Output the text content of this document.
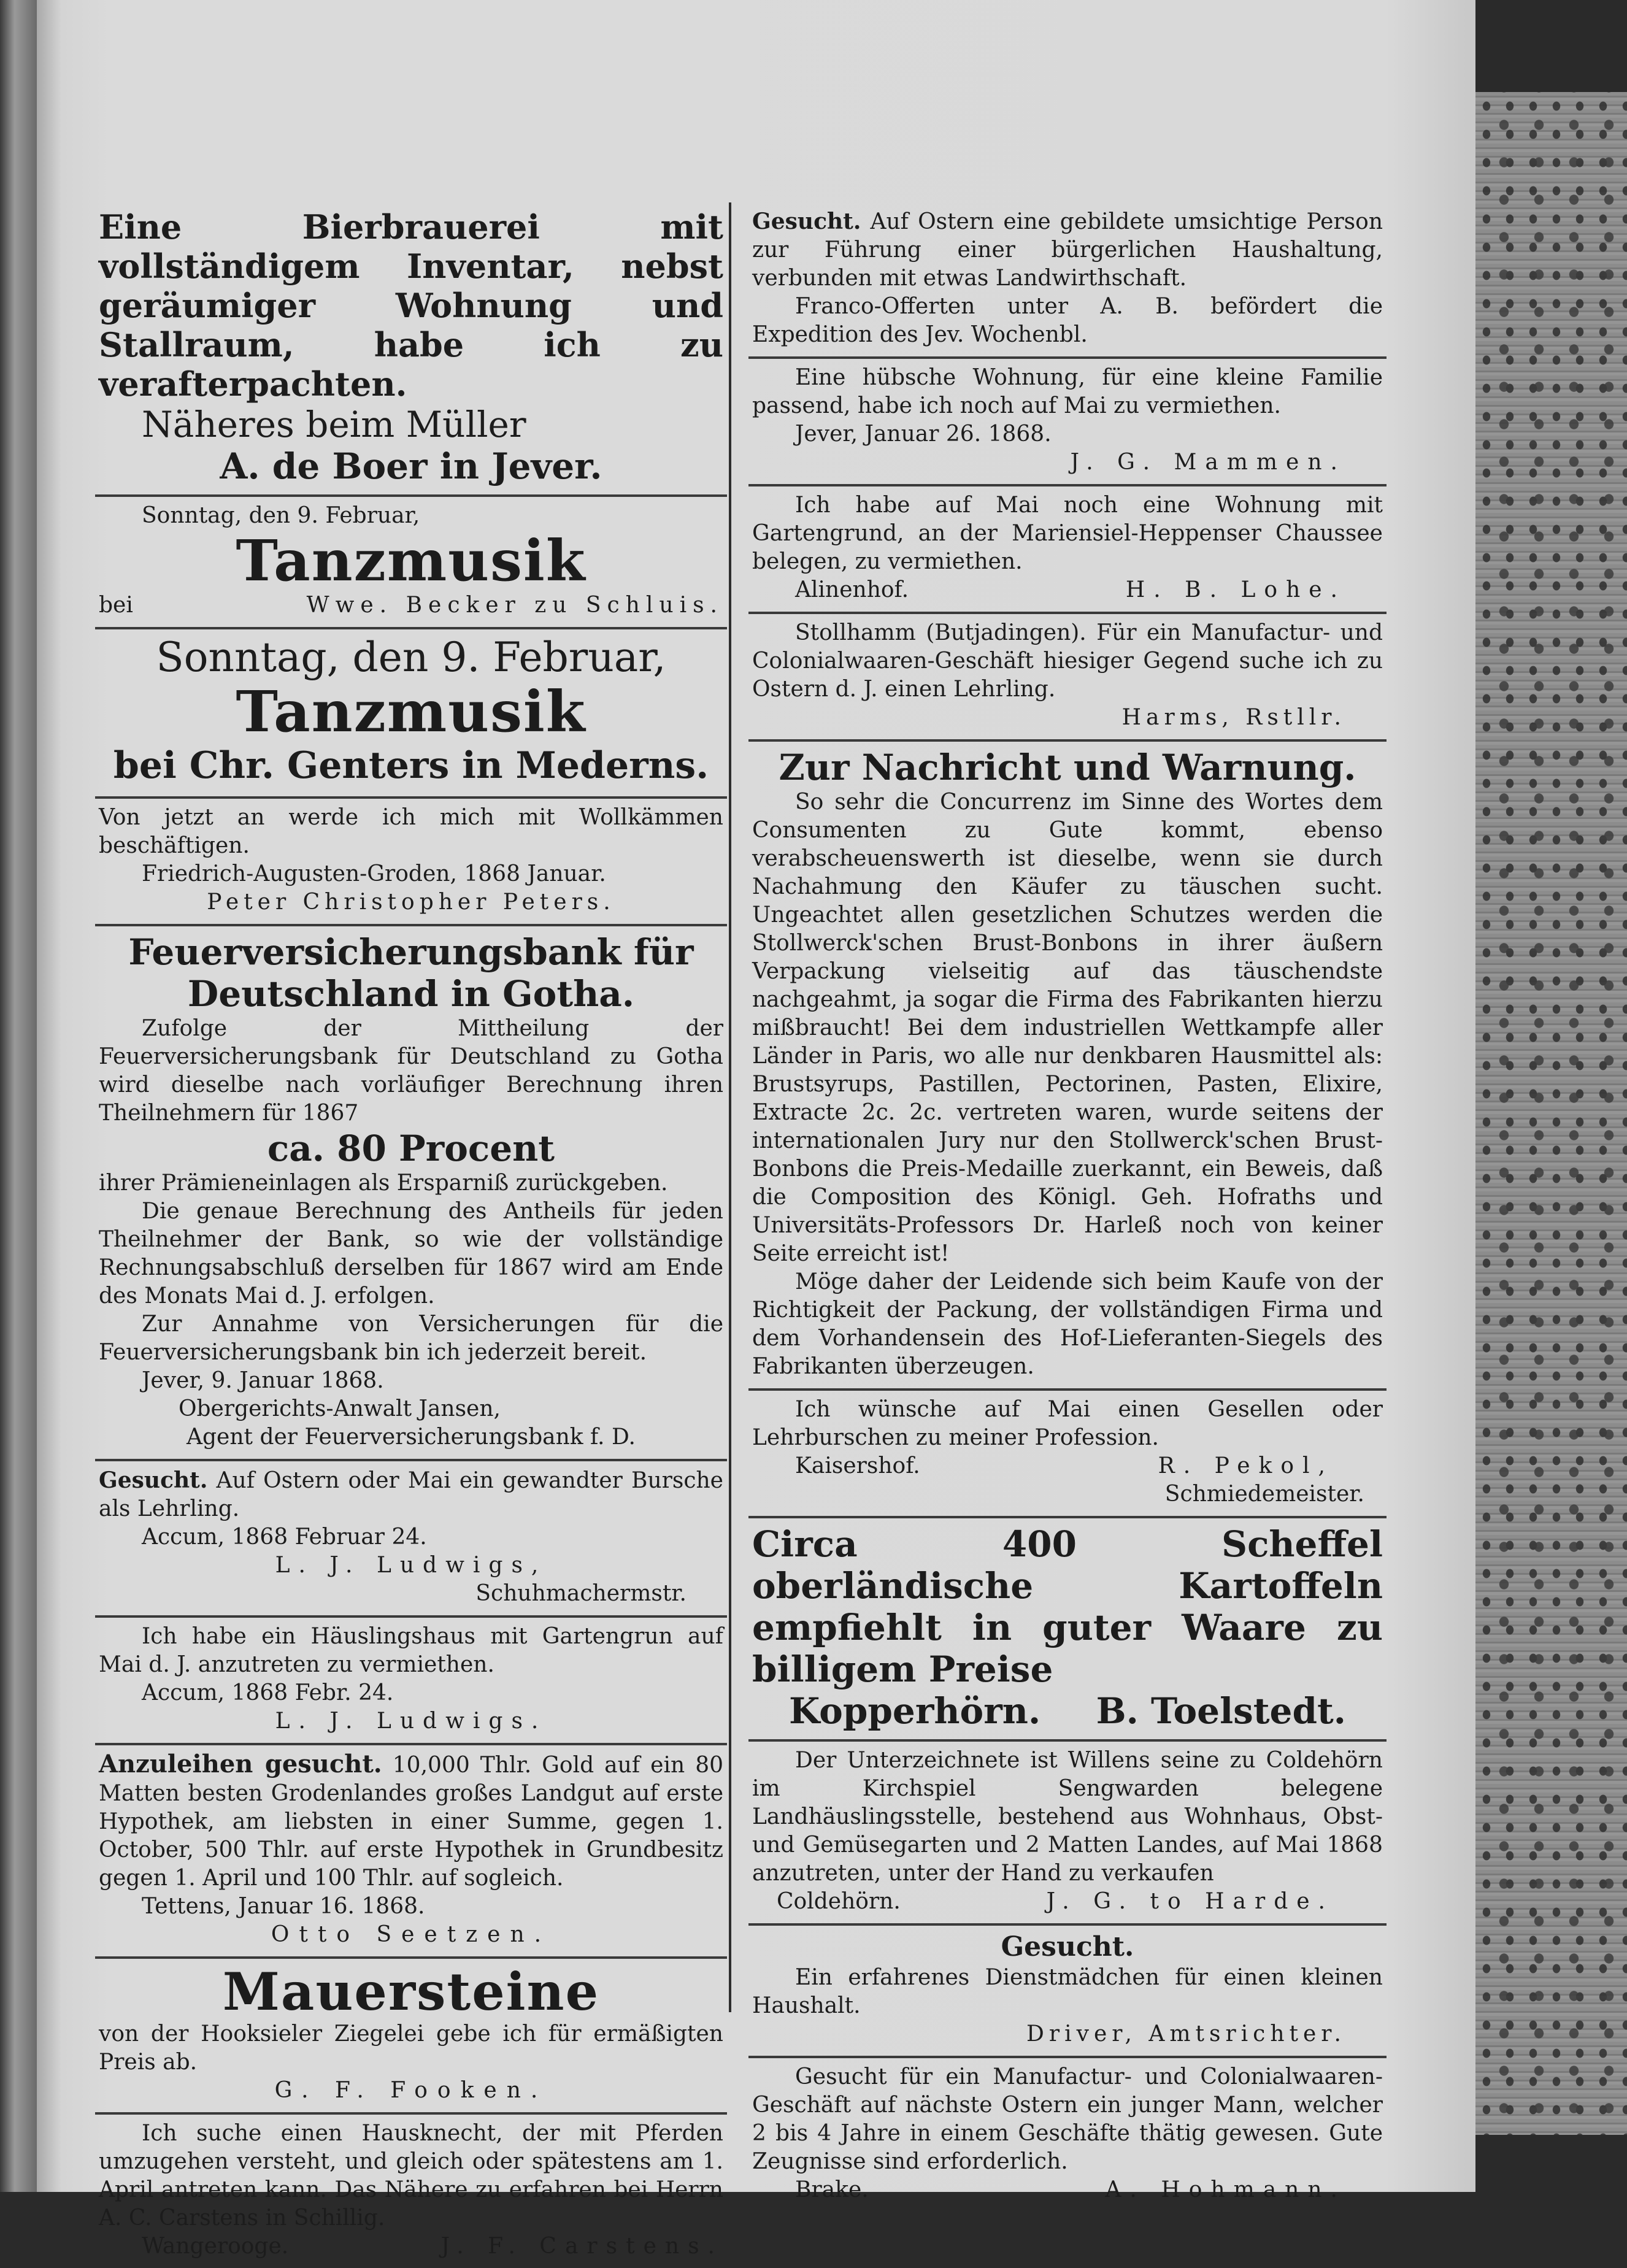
Eine Bierbrauerei mit vollständigem Inventar, nebst geräumiger Wohnung und Stallraum, habe ich zu verafterpachten.
Näheres beim Müller
A. de Boer in Jever.
Sonntag, den 9. Februar,
Tanzmusik
bei	Wwe. Becker zu Schluis.
Sonntag, den 9. Februar,
Tanzmusik
bei Chr. Genters in Mederns.
Von jetzt an werde ich mich mit Wollkämmen beschäftigen.
Friedrich-Augusten-Groden, 1868 Januar.
Peter Christopher Peters.
Feuerversicherungsbank für Deutschland in Gotha.
Zufolge der Mittheilung der Feuerversicherungsbank für Deutschland zu Gotha wird dieselbe nach vorläufiger Berechnung ihren Theilnehmern für 1867
ca. 80 Procent
ihrer Prämieneinlagen als Ersparniß zurückgeben.
Die genaue Berechnung des Antheils für jeden Theilnehmer der Bank, so wie der vollständige Rechnungsabschluß derselben für 1867 wird am Ende des Monats Mai d. J. erfolgen.
Zur Annahme von Versicherungen für die Feuerversicherungsbank bin ich jederzeit bereit.
Jever, 9. Januar 1868.
Obergerichts-Anwalt Jansen,
Agent der Feuerversicherungsbank f. D.
Gesucht. Auf Ostern oder Mai ein gewandter Bursche als Lehrling.
Accum, 1868 Februar 24.
L. J. Ludwigs,
Schuhmachermstr.
Ich habe ein Häuslingshaus mit Gartengrun auf Mai d. J. anzutreten zu vermiethen.
Accum, 1868 Febr. 24.
L. J. Ludwigs.
Anzuleihen gesucht. 10,000 Thlr. Gold auf ein 80 Matten besten Grodenlandes großes Landgut auf erste Hypothek, am liebsten in einer Summe, gegen 1. October, 500 Thlr. auf erste Hypothek in Grundbesitz gegen 1. April und 100 Thlr. auf sogleich.
Tettens, Januar 16. 1868.
Otto Seetzen.
Mauersteine
von der Hooksieler Ziegelei gebe ich für ermäßigten Preis ab.
G. F. Fooken.
Ich suche einen Hausknecht, der mit Pferden umzugehen versteht, und gleich oder spätestens am 1. April antreten kann. Das Nähere zu erfahren bei Herrn A. C. Carstens in Schillig.
Wangerooge.	J. F. Carstens.
Gesucht. Auf Ostern eine gebildete umsichtige Person zur Führung einer bürgerlichen Haushaltung, verbunden mit etwas Landwirthschaft.
Franco-Offerten unter A. B. befördert die Expedition des Jev. Wochenbl.
Eine hübsche Wohnung, für eine kleine Familie passend, habe ich noch auf Mai zu vermiethen.
Jever, Januar 26. 1868.
J. G. Mammen.
Ich habe auf Mai noch eine Wohnung mit Gartengrund, an der Mariensiel-Heppenser Chaussee belegen, zu vermiethen.
Alinenhof.	H. B. Lohe.
Stollhamm (Butjadingen). Für ein Manufactur- und Colonialwaaren-Geschäft hiesiger Gegend suche ich zu Ostern d. J. einen Lehrling.
Harms, Rstllr.
Zur Nachricht und Warnung.
So sehr die Concurrenz im Sinne des Wortes dem Consumenten zu Gute kommt, ebenso verabscheuenswerth ist dieselbe, wenn sie durch Nachahmung den Käufer zu täuschen sucht. Ungeachtet allen gesetzlichen Schutzes werden die Stollwerck'schen Brust-Bonbons in ihrer äußern Verpackung vielseitig auf das täuschendste nachgeahmt, ja sogar die Firma des Fabrikanten hierzu mißbraucht! Bei dem industriellen Wettkampfe aller Länder in Paris, wo alle nur denkbaren Hausmittel als: Brustsyrups, Pastillen, Pectorinen, Pasten, Elixire, Extracte 2c. 2c. vertreten waren, wurde seitens der internationalen Jury nur den Stollwerck'schen Brust-Bonbons die Preis-Medaille zuerkannt, ein Beweis, daß die Composition des Königl. Geh. Hofraths und Universitäts-Professors Dr. Harleß noch von keiner Seite erreicht ist!
Möge daher der Leidende sich beim Kaufe von der Richtigkeit der Packung, der vollständigen Firma und dem Vorhandensein des Hof-Lieferanten-Siegels des Fabrikanten überzeugen.
Ich wünsche auf Mai einen Gesellen oder Lehrburschen zu meiner Profession.
Kaisershof.	R. Pekol,
Schmiedemeister.
Circa 400 Scheffel oberländische Kartoffeln empfiehlt in guter Waare zu billigem Preise
Kopperhörn. B. Toelstedt.
Der Unterzeichnete ist Willens seine zu Coldehörn im Kirchspiel Sengwarden belegene Landhäuslingsstelle, bestehend aus Wohnhaus, Obst- und Gemüsegarten und 2 Matten Landes, auf Mai 1868 anzutreten, unter der Hand zu verkaufen
Coldehörn.	J. G. to Harde.
Gesucht.
Ein erfahrenes Dienstmädchen für einen kleinen Haushalt.
Driver, Amtsrichter.
Gesucht für ein Manufactur- und Colonialwaaren-Geschäft auf nächste Ostern ein junger Mann, welcher 2 bis 4 Jahre in einem Geschäfte thätig gewesen. Gute Zeugnisse sind erforderlich.
Brake.	A. Hohmann.
